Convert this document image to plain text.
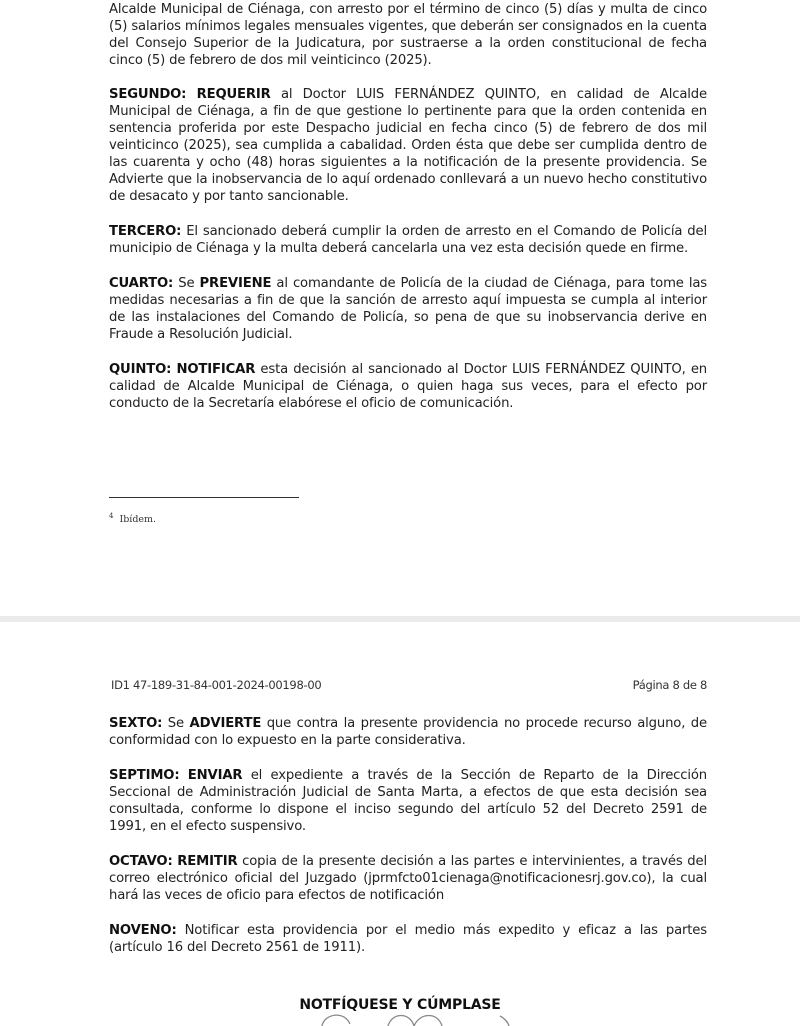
Alcalde Municipal de Ciénaga, con arresto por el término de cinco (5) días y multa de cinco (5) salarios mínimos legales mensuales vigentes, que deberán ser consignados en la cuenta del Consejo Superior de la Judicatura, por sustraerse a la orden constitucional de fecha cinco (5) de febrero de dos mil veinticinco (2025).

SEGUNDO: REQUERIR al Doctor LUIS FERNÁNDEZ QUINTO, en calidad de Alcalde Municipal de Ciénaga, a fin de que gestione lo pertinente para que la orden contenida en sentencia proferida por este Despacho judicial en fecha cinco (5) de febrero de dos mil veinticinco (2025), sea cumplida a cabalidad. Orden ésta que debe ser cumplida dentro de las cuarenta y ocho (48) horas siguientes a la notificación de la presente providencia. Se Advierte que la inobservancia de lo aquí ordenado conllevará a un nuevo hecho constitutivo de desacato y por tanto sancionable.

TERCERO: El sancionado deberá cumplir la orden de arresto en el Comando de Policía del municipio de Ciénaga y la multa deberá cancelarla una vez esta decisión quede en firme.

CUARTO: Se PREVIENE al comandante de Policía de la ciudad de Ciénaga, para tome las medidas necesarias a fin de que la sanción de arresto aquí impuesta se cumpla al interior de las instalaciones del Comando de Policía, so pena de que su inobservancia derive en Fraude a Resolución Judicial.

QUINTO: NOTIFICAR esta decisión al sancionado al Doctor LUIS FERNÁNDEZ QUINTO, en calidad de Alcalde Municipal de Ciénaga, o quien haga sus veces, para el efecto por conducto de la Secretaría elabórese el oficio de comunicación.

$^4$ Ibídem.
ID1 47-189-31-84-001-2024-00198-00	Página 8 de 8

SEXTO: Se ADVIERTE que contra la presente providencia no procede recurso alguno, de conformidad con lo expuesto en la parte considerativa.

SEPTIMO: ENVIAR el expediente a través de la Sección de Reparto de la Dirección Seccional de Administración Judicial de Santa Marta, a efectos de que esta decisión sea consultada, conforme lo dispone el inciso segundo del artículo 52 del Decreto 2591 de 1991, en el efecto suspensivo.

OCTAVO: REMITIR copia de la presente decisión a las partes e intervinientes, a través del correo electrónico oficial del Juzgado (jprmfcto01cienaga@notificacionesrj.gov.co), la cual hará las veces de oficio para efectos de notificación

NOVENO: Notificar esta providencia por el medio más expedito y eficaz a las partes (artículo 16 del Decreto 2561 de 1911).

NOTFÍQUESE Y CÚMPLASE
